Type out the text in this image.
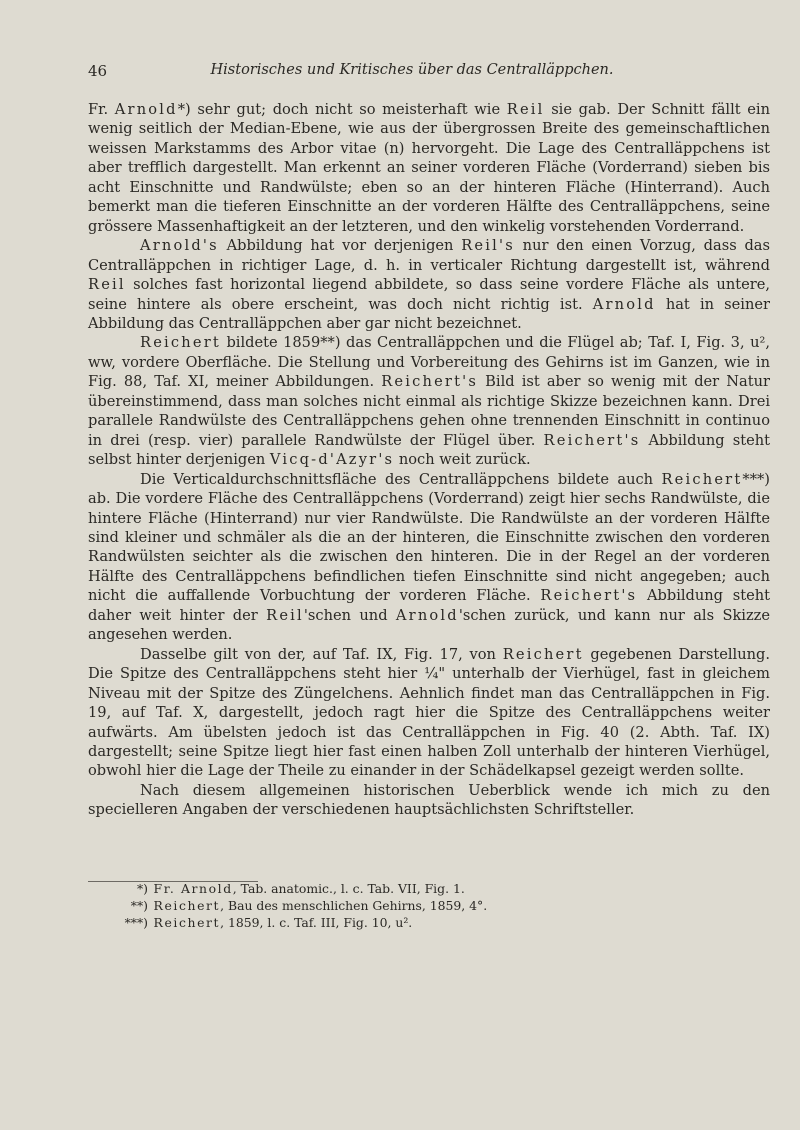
46	Historisches und Kritisches über das Centralläppchen.

Fr. Arnold*) sehr gut; doch nicht so meisterhaft wie Reil sie gab. Der Schnitt fällt ein wenig seitlich der Median-Ebene, wie aus der übergrossen Breite des gemeinschaftlichen weissen Markstamms des Arbor vitae (n) hervorgeht. Die Lage des Centralläppchens ist aber trefflich dargestellt. Man erkennt an seiner vorderen Fläche (Vorderrand) sieben bis acht Einschnitte und Randwülste; eben so an der hinteren Fläche (Hinterrand). Auch bemerkt man die tieferen Einschnitte an der vorderen Hälfte des Centralläppchens, seine grössere Massenhaftigkeit an der letzteren, und den winkelig vorstehenden Vorderrand.

Arnold's Abbildung hat vor derjenigen Reil's nur den einen Vorzug, dass das Centralläppchen in richtiger Lage, d. h. in verticaler Richtung dargestellt ist, während Reil solches fast horizontal liegend abbildete, so dass seine vordere Fläche als untere, seine hintere als obere erscheint, was doch nicht richtig ist. Arnold hat in seiner Abbildung das Centralläppchen aber gar nicht bezeichnet.

Reichert bildete 1859**) das Centralläppchen und die Flügel ab; Taf. I, Fig. 3, u², ww, vordere Oberfläche. Die Stellung und Vorbereitung des Gehirns ist im Ganzen, wie in Fig. 88, Taf. XI, meiner Abbildungen. Reichert's Bild ist aber so wenig mit der Natur übereinstimmend, dass man solches nicht einmal als richtige Skizze bezeichnen kann. Drei parallele Randwülste des Centralläppchens gehen ohne trennenden Einschnitt in continuo in drei (resp. vier) parallele Randwülste der Flügel über. Reichert's Abbildung steht selbst hinter derjenigen Vicq-d'Azyr's noch weit zurück.

Die Verticaldurchschnittsfläche des Centralläppchens bildete auch Reichert***) ab. Die vordere Fläche des Centralläppchens (Vorderrand) zeigt hier sechs Randwülste, die hintere Fläche (Hinterrand) nur vier Randwülste. Die Randwülste an der vorderen Hälfte sind kleiner und schmäler als die an der hinteren, die Einschnitte zwischen den vorderen Randwülsten seichter als die zwischen den hinteren. Die in der Regel an der vorderen Hälfte des Centralläppchens befindlichen tiefen Einschnitte sind nicht angegeben; auch nicht die auffallende Vorbuchtung der vorderen Fläche. Reichert's Abbildung steht daher weit hinter der Reil'schen und Arnold'schen zurück, und kann nur als Skizze angesehen werden.

Dasselbe gilt von der, auf Taf. IX, Fig. 17, von Reichert gegebenen Darstellung. Die Spitze des Centralläppchens steht hier ¼" unterhalb der Vierhügel, fast in gleichem Niveau mit der Spitze des Züngelchens. Aehnlich findet man das Centralläppchen in Fig. 19, auf Taf. X, dargestellt, jedoch ragt hier die Spitze des Centralläppchens weiter aufwärts. Am übelsten jedoch ist das Centralläppchen in Fig. 40 (2. Abth. Taf. IX) dargestellt; seine Spitze liegt hier fast einen halben Zoll unterhalb der hinteren Vierhügel, obwohl hier die Lage der Theile zu einander in der Schädelkapsel gezeigt werden sollte.

Nach diesem allgemeinen historischen Ueberblick wende ich mich zu den specielleren Angaben der verschiedenen hauptsächlichsten Schriftsteller.

*) Fr. Arnold, Tab. anatomic., l. c. Tab. VII, Fig. 1.
**) Reichert, Bau des menschlichen Gehirns, 1859, 4°.
***) Reichert, 1859, l. c. Taf. III, Fig. 10, u².
